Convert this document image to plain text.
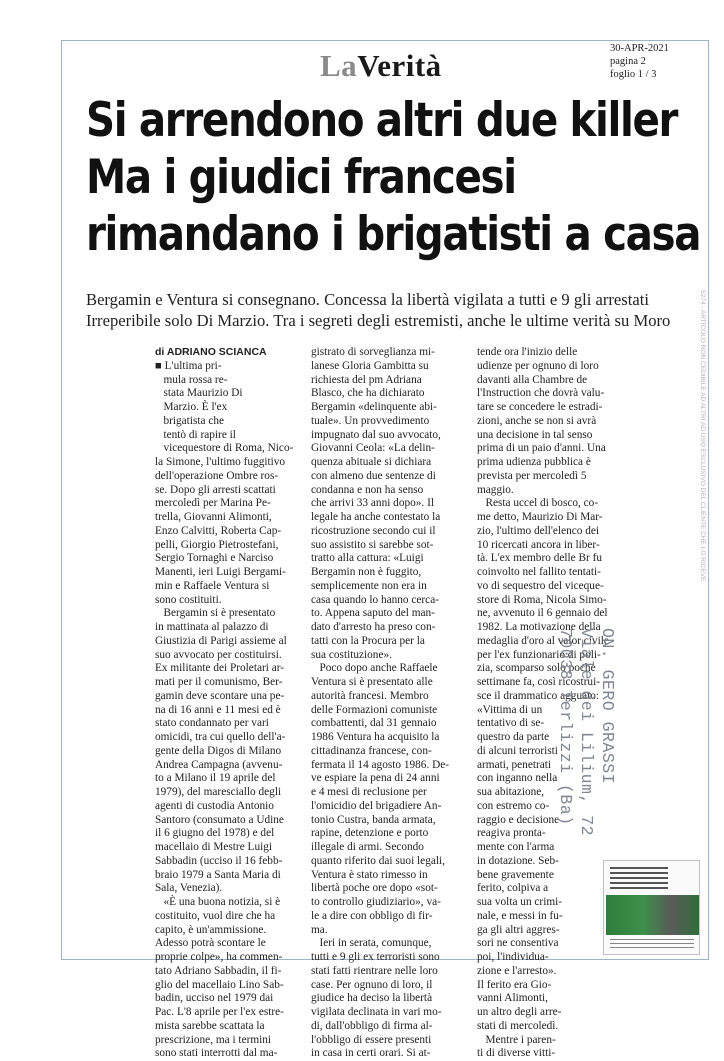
LaVerità	30-APR-2021
pagina 2
foglio 1 / 3
Si arrendono altri due killer
Ma i giudici francesi
rimandano i brigatisti a casa
Bergamin e Ventura si consegnano. Concessa la libertà vigilata a tutti e 9 gli arrestati
Irreperibile solo Di Marzio. Tra i segreti degli estremisti, anche le ultime verità su Moro
di ADRIANO SCIANCA
■ L'ultima pri-
mula rossa re-
stata Maurizio Di
Marzio. È l'ex
brigatista che
tentò di rapire il
vicequestore di Roma, Nico-
la Simone, l'ultimo fuggitivo
dell'operazione Ombre ros-
se. Dopo gli arresti scattati
mercoledì per Marina Pe-
trella, Giovanni Alimonti,
Enzo Calvitti, Roberta Cap-
pelli, Giorgio Pietrostefani,
Sergio Tornaghi e Narciso
Manenti, ieri Luigi Bergami-
min e Raffaele Ventura si
sono costituiti.
Bergamin si è presentato
in mattinata al palazzo di
Giustizia di Parigi assieme al
suo avvocato per costituirsi.
Ex militante dei Proletari ar-
mati per il comunismo, Ber-
gamin deve scontare una pe-
na di 16 anni e 11 mesi ed è
stato condannato per vari
omicidi, tra cui quello dell'a-
gente della Digos di Milano
Andrea Campagna (avvenu-
to a Milano il 19 aprile del
1979), del maresciallo degli
agenti di custodia Antonio
Santoro (consumato a Udine
il 6 giugno del 1978) e del
macellaio di Mestre Luigi
Sabbadin (ucciso il 16 febb-
braio 1979 a Santa Maria di
Sala, Venezia).
«È una buona notizia, si è
costituito, vuol dire che ha
capito, è un'ammissione.
Adesso potrà scontare le
proprie colpe», ha commen-
tato Adriano Sabbadin, il fi-
glio del macellaio Lino Sab-
badin, ucciso nel 1979 dai
Pac. L'8 aprile per l'ex estre-
mista sarebbe scattata la
prescrizione, ma i termini
sono stati interrotti dal ma-
gistrato di sorveglianza mi-
lanese Gloria Gambitta su
richiesta del pm Adriana
Blasco, che ha dichiarato
Bergamin «delinquente abi-
tuale». Un provvedimento
impugnato dal suo avvocato,
Giovanni Ceola: «La delin-
quenza abituale si dichiara
con almeno due sentenze di
condanna e non ha senso
che arrivi 33 anni dopo». Il
legale ha anche contestato la
ricostruzione secondo cui il
suo assistito si sarebbe sot-
tratto alla cattura: «Luigi
Bergamin non è fuggito,
semplicemente non era in
casa quando lo hanno cerca-
to. Appena saputo del man-
dato d'arresto ha preso con-
tatti con la Procura per la
sua costituzione».
Poco dopo anche Raffaele
Ventura si è presentato alle
autorità francesi. Membro
delle Formazioni comuniste
combattenti, dal 31 gennaio
1986 Ventura ha acquisito la
cittadinanza francese, con-
fermata il 14 agosto 1986. De-
ve espiare la pena di 24 anni
e 4 mesi di reclusione per
l'omicidio del brigadiere An-
tonio Custra, banda armata,
rapine, detenzione e porto
illegale di armi. Secondo
quanto riferito dai suoi legali,
Ventura è stato rimesso in
libertà poche ore dopo «sot-
to controllo giudiziario», va-
le a dire con obbligo di fir-
ma.
Ieri in serata, comunque,
tutti e 9 gli ex terroristi sono
stati fatti rientrare nelle loro
case. Per ognuno di loro, il
giudice ha deciso la libertà
vigilata declinata in vari mo-
di, dall'obbligo di firma al-
l'obbligo di essere presenti
in casa in certi orari. Si at-
tende ora l'inizio delle
udienze per ognuno di loro
davanti alla Chambre de
l'Instruction che dovrà valu-
tare se concedere le estradi-
zioni, anche se non si avrà
una decisione in tal senso
prima di un paio d'anni. Una
prima udienza pubblica è
prevista per mercoledì 5
maggio.
Resta uccel di bosco, co-
me detto, Maurizio Di Mar-
zio, l'ultimo dell'elenco dei
10 ricercati ancora in liber-
tà. L'ex membro delle Br fu
coinvolto nel fallito tentati-
vo di sequestro del viceque-
store di Roma, Nicola Simo-
ne, avvenuto il 6 gennaio del
1982. La motivazione della
medaglia d'oro al valor civile
per l'ex funzionario di poli-
zia, scomparso solo poche
settimane fa, così ricostrui-
sce il drammatico agguato:
«Vittima di un
tentativo di se-
questro da parte
di alcuni terroristi
armati, penetrati
con inganno nella
sua abitazione,
con estremo co-
raggio e decisione
reagiva pronta-
mente con l'arma
in dotazione. Seb-
bene gravemente
ferito, colpiva a
sua volta un crimi-
nale, e messi in fu-
ga gli altri aggres-
sori ne consentiva
poi, l'individua-
zione e l'arresto».
Il ferito era Gio-
vanni Alimonti,
un altro degli arre-
stati di mercoledì.
Mentre i paren-
ti di diverse vitti-
ON. GERO GRASSI
Viale dei Lilium, 72
70038 Terlizzi (Ba)
5274 - ARTICOLO NON CEDIBILE AD ALTRI AD USO ESCLUSIVO DEL CLIENTE CHE LO RICEVE
